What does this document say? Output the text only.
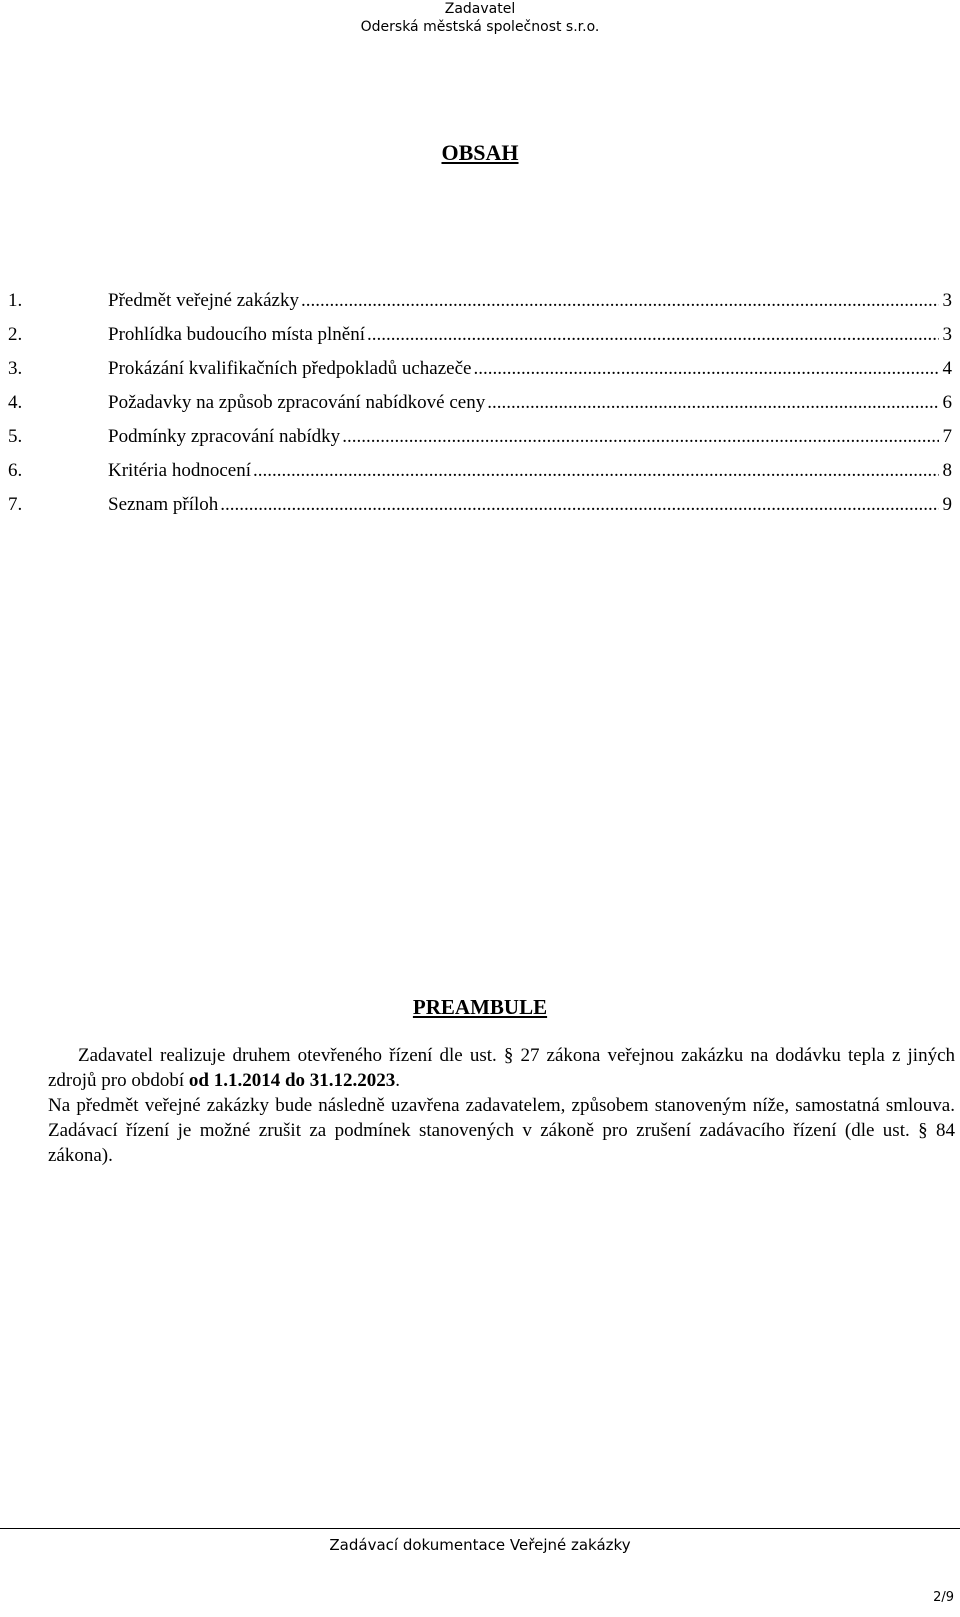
Zadavatel
Oderská městská společnost s.r.o.
OBSAH
1.	Předmět veřejné zakázky .....	3
2.	Prohlídka budoucího místa plnění .....	3
3.	Prokázání kvalifikačních předpokladů uchazeče .....	4
4.	Požadavky na způsob zpracování nabídkové ceny .....	6
5.	Podmínky zpracování nabídky .....	7
6.	Kritéria hodnocení .....	8
7.	Seznam příloh .....	9
PREAMBULE

Zadavatel realizuje druhem otevřeného řízení dle ust. § 27 zákona veřejnou zakázku na dodávku tepla z jiných zdrojů pro období od 1.1.2014 do 31.12.2023.

Na předmět veřejné zakázky bude následně uzavřena zadavatelem, způsobem stanoveným níže, samostatná smlouva. Zadávací řízení je možné zrušit za podmínek stanovených v zákoně pro zrušení zadávacího řízení (dle ust. § 84 zákona).

Zadávací dokumentace Veřejné zakázky
2/9
